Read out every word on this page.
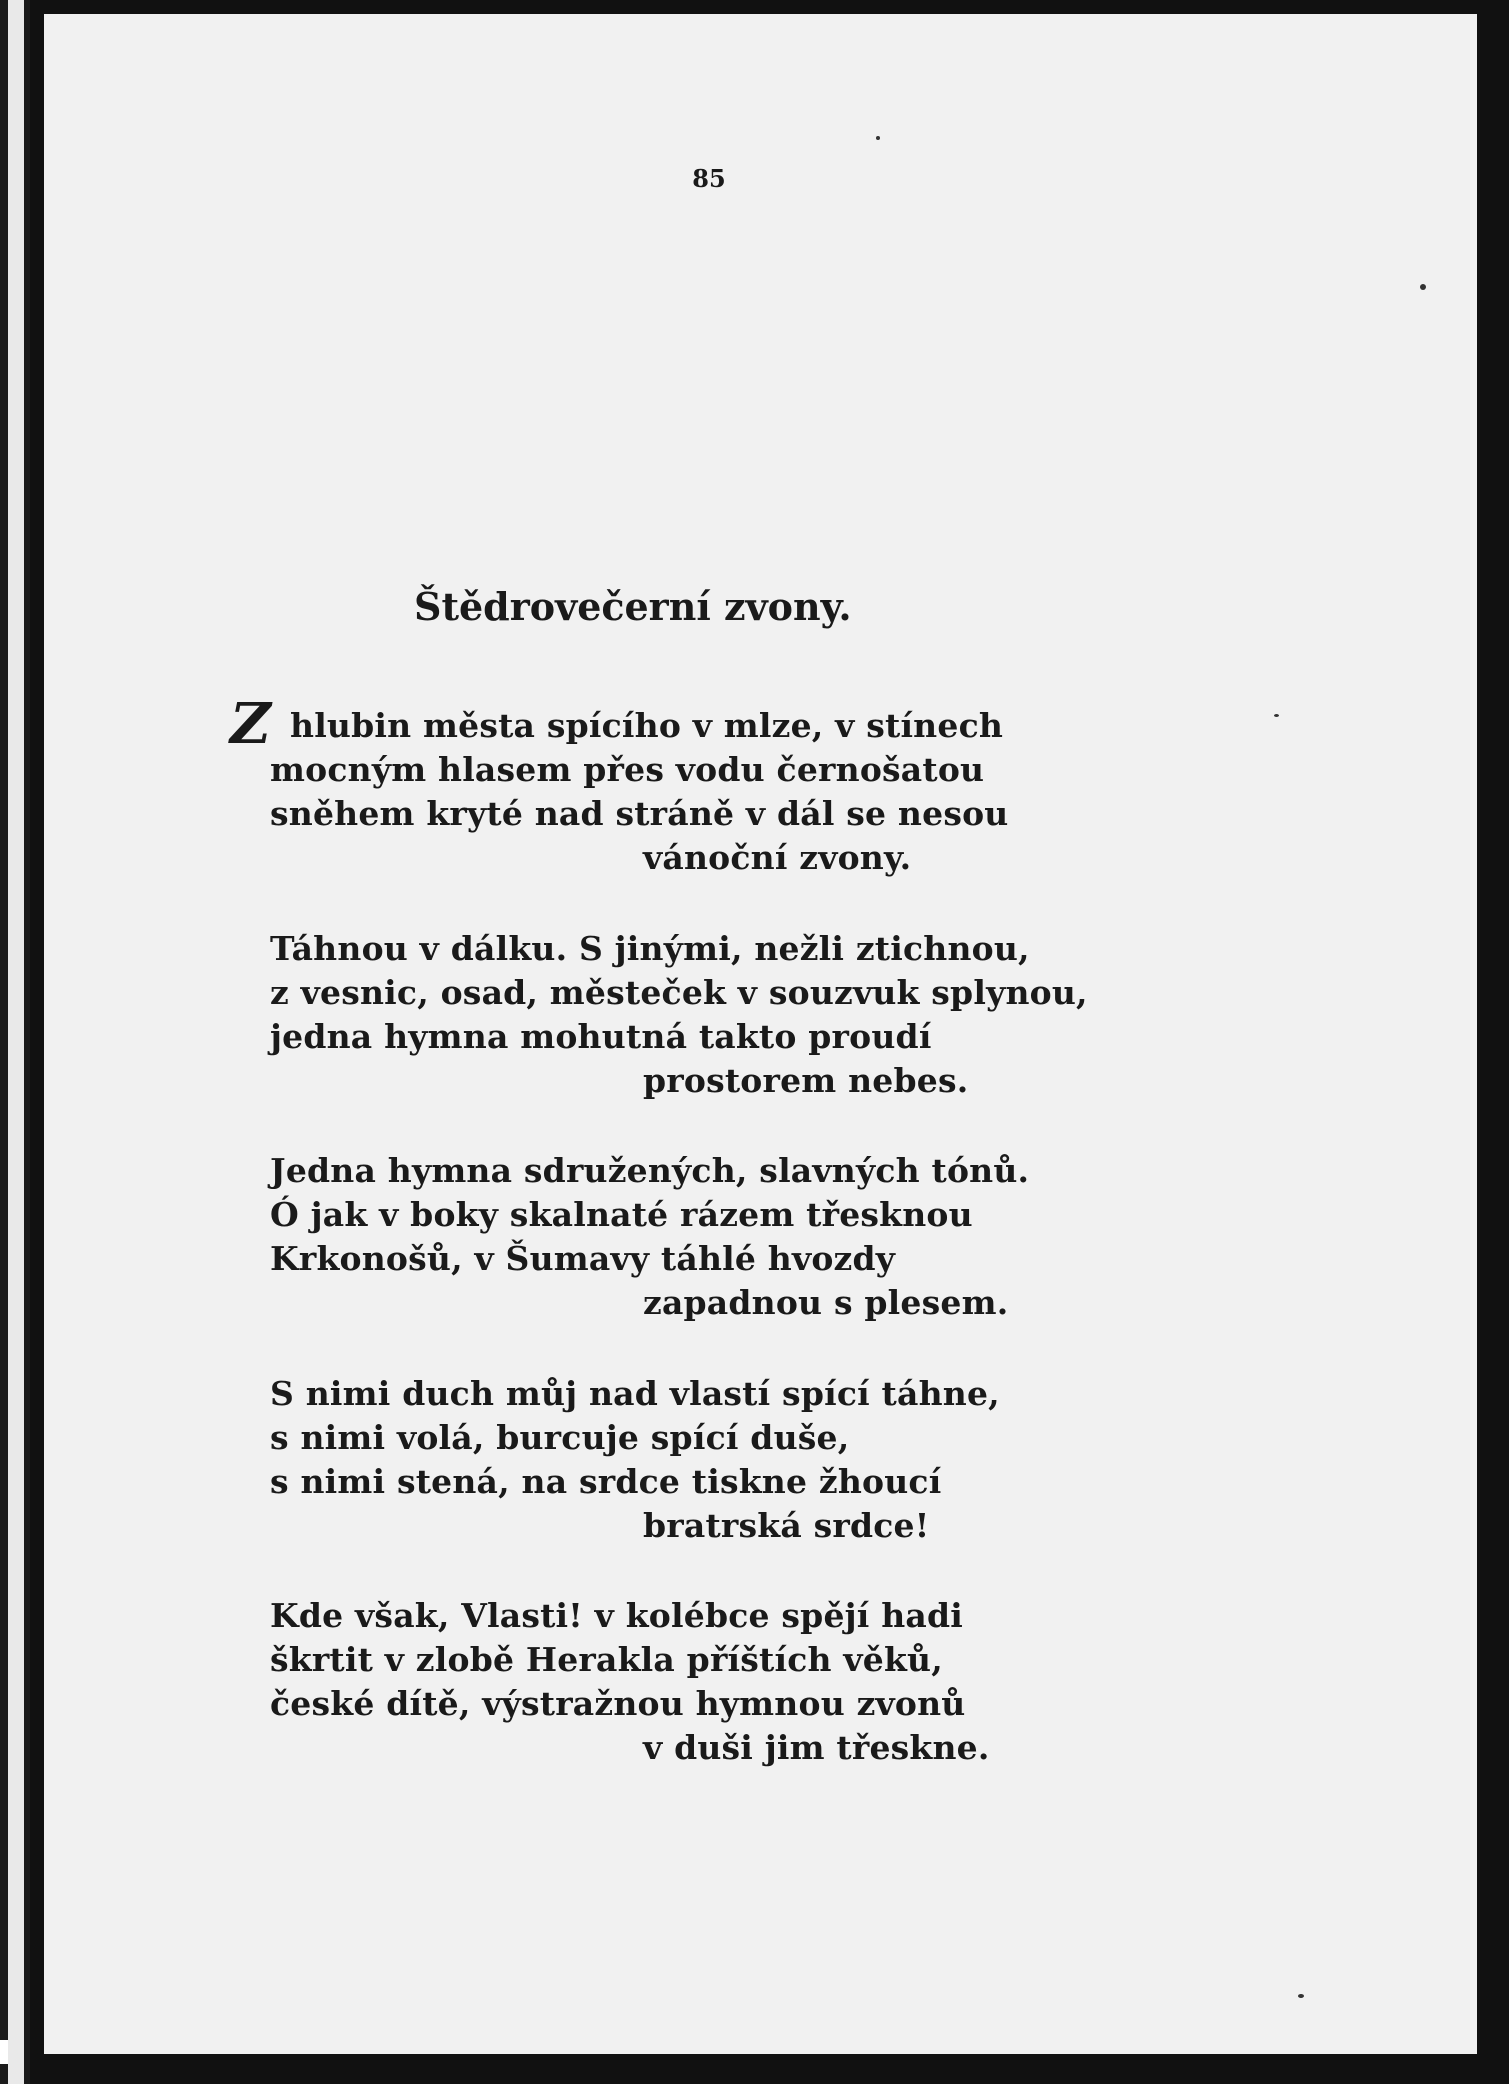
85
Štědrovečerní zvony.
Z hlubin města spícího v mlze, v stínech
mocným hlasem přes vodu černošatou
sněhem kryté nad stráně v dál se nesou
vánoční zvony.
Táhnou v dálku. S jinými, nežli ztichnou,
z vesnic, osad, městeček v souzvuk splynou,
jedna hymna mohutná takto proudí
prostorem nebes.
Jedna hymna sdružených, slavných tónů.
Ó jak v boky skalnaté rázem třesknou
Krkonošů, v Šumavy táhlé hvozdy
zapadnou s plesem.
S nimi duch můj nad vlastí spící táhne,
s nimi volá, burcuje spící duše,
s nimi stená, na srdce tiskne žhoucí
bratrská srdce!
Kde však, Vlasti! v kolébce spějí hadi
škrtit v zlobě Herakla příštích věků,
české dítě, výstražnou hymnou zvonů
v duši jim třeskne.
